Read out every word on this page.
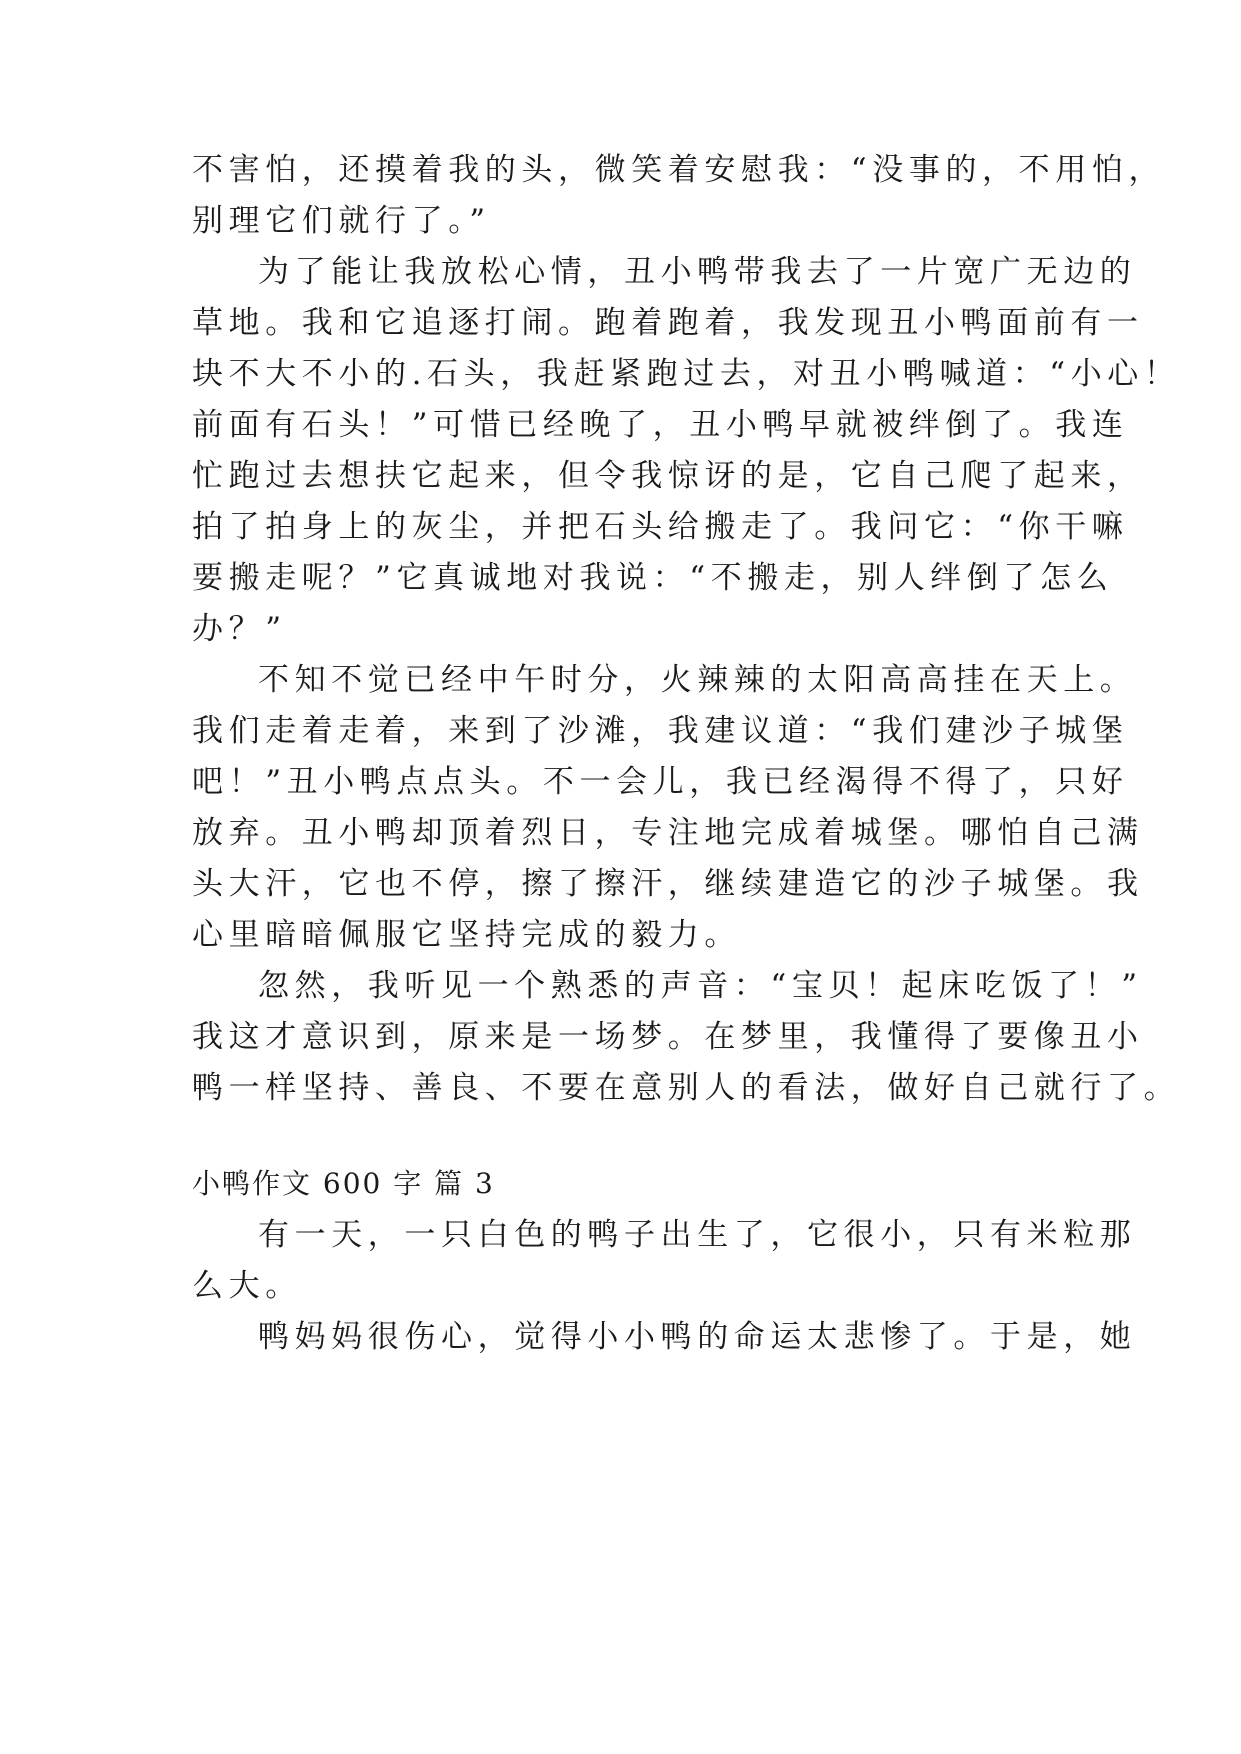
不害怕，还摸着我的头，微笑着安慰我：“没事的，不用怕，
别理它们就行了。”
为了能让我放松心情，丑小鸭带我去了一片宽广无边的
草地。我和它追逐打闹。跑着跑着，我发现丑小鸭面前有一
块不大不小的.石头，我赶紧跑过去，对丑小鸭喊道：“小心！
前面有石头！”可惜已经晚了，丑小鸭早就被绊倒了。我连
忙跑过去想扶它起来，但令我惊讶的是，它自己爬了起来，
拍了拍身上的灰尘，并把石头给搬走了。我问它：“你干嘛
要搬走呢？”它真诚地对我说：“不搬走，别人绊倒了怎么
办？”
不知不觉已经中午时分，火辣辣的太阳高高挂在天上。
我们走着走着，来到了沙滩，我建议道：“我们建沙子城堡
吧！”丑小鸭点点头。不一会儿，我已经渴得不得了，只好
放弃。丑小鸭却顶着烈日，专注地完成着城堡。哪怕自己满
头大汗，它也不停，擦了擦汗，继续建造它的沙子城堡。我
心里暗暗佩服它坚持完成的毅力。
忽然，我听见一个熟悉的声音：“宝贝！起床吃饭了！”
我这才意识到，原来是一场梦。在梦里，我懂得了要像丑小
鸭一样坚持、善良、不要在意别人的看法，做好自己就行了。
小鸭作文 600 字 篇 3
有一天，一只白色的鸭子出生了，它很小，只有米粒那
么大。
鸭妈妈很伤心，觉得小小鸭的命运太悲惨了。于是，她
